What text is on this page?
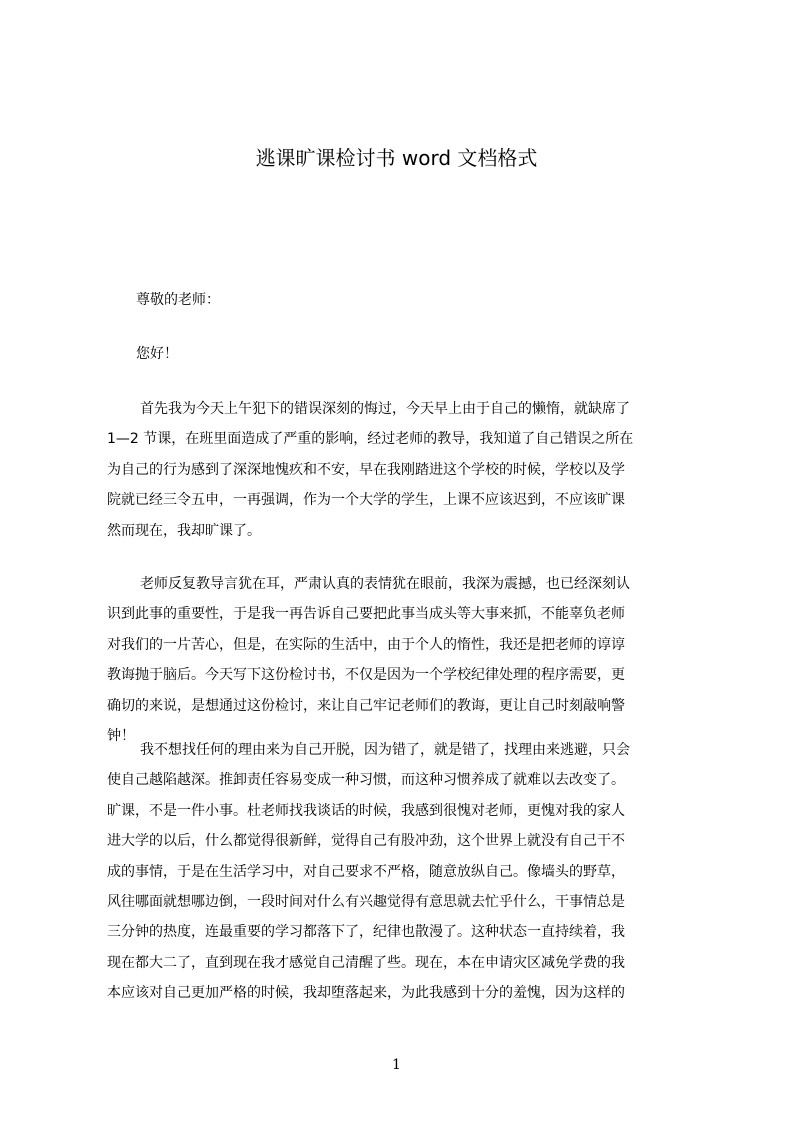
逃课旷课检讨书 word 文档格式

尊敬的老师：

您好！

首先我为今天上午犯下的错误深刻的悔过，今天早上由于自己的懒惰，就缺席了
1—2 节课，在班里面造成了严重的影响，经过老师的教导，我知道了自己错误之所在
为自己的行为感到了深深地愧疚和不安，早在我刚踏进这个学校的时候，学校以及学
院就已经三令五申，一再强调，作为一个大学的学生，上课不应该迟到，不应该旷课
然而现在，我却旷课了。
老师反复教导言犹在耳，严肃认真的表情犹在眼前，我深为震撼，也已经深刻认
识到此事的重要性，于是我一再告诉自己要把此事当成头等大事来抓，不能辜负老师
对我们的一片苦心，但是，在实际的生活中，由于个人的惰性，我还是把老师的谆谆
教诲抛于脑后。今天写下这份检讨书，不仅是因为一个学校纪律处理的程序需要，更
确切的来说，是想通过这份检讨，来让自己牢记老师们的教诲，更让自己时刻敲响警
钟！
我不想找任何的理由来为自己开脱，因为错了，就是错了，找理由来逃避，只会
使自己越陷越深。推卸责任容易变成一种习惯，而这种习惯养成了就难以去改变了。
旷课，不是一件小事。杜老师找我谈话的时候，我感到很愧对老师，更愧对我的家人
进大学的以后，什么都觉得很新鲜，觉得自己有股冲劲，这个世界上就没有自己干不
成的事情，于是在生活学习中，对自己要求不严格，随意放纵自己。像墙头的野草，
风往哪面就想哪边倒，一段时间对什么有兴趣觉得有意思就去忙乎什么，干事情总是
三分钟的热度，连最重要的学习都落下了，纪律也散漫了。这种状态一直持续着，我
现在都大二了，直到现在我才感觉自己清醒了些。现在，本在申请灾区减免学费的我
本应该对自己更加严格的时候，我却堕落起来，为此我感到十分的羞愧，因为这样的
1
